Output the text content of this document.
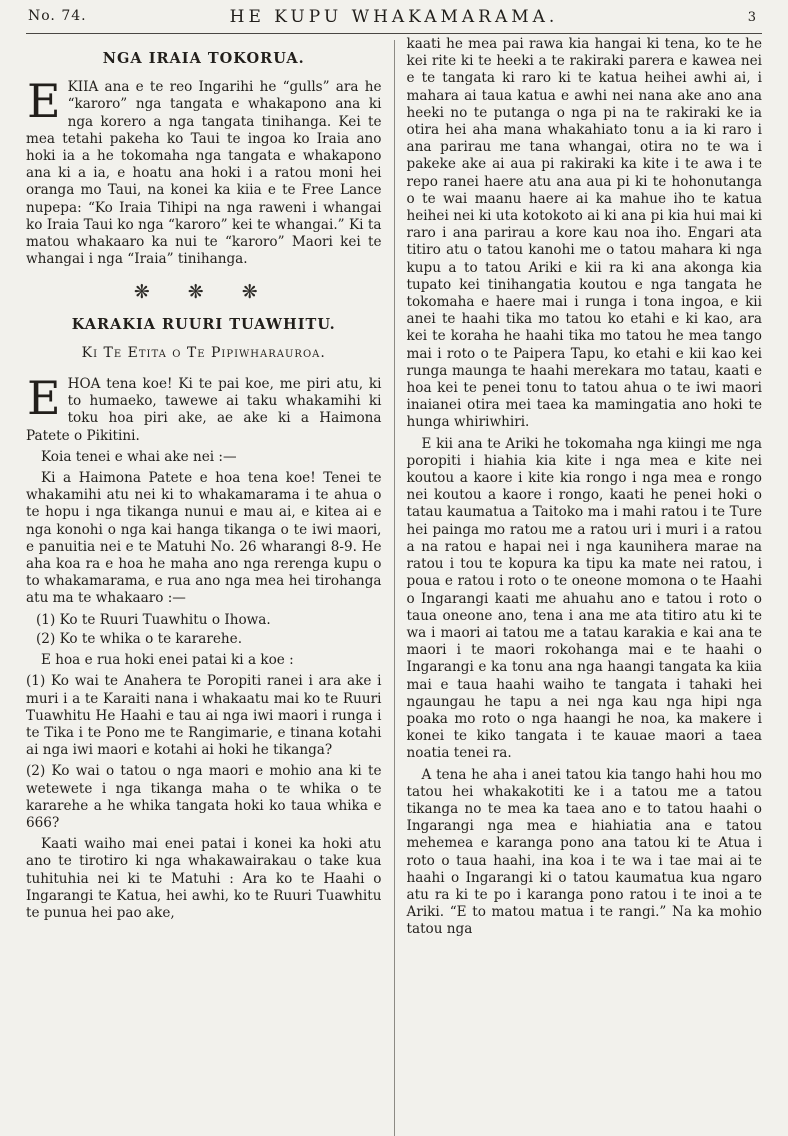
No. 74.	HE KUPU WHAKAMARAMA.	3
NGA IRAIA TOKORUA.

EKIIA ana e te reo Ingarihi he “gulls” ara he “karoro” nga tangata e whakapono ana ki nga korero a nga tangata tinihanga. Kei te mea tetahi pakeha ko Taui te ingoa ko Iraia ano hoki ia a he tokomaha nga tangata e whakapono ana ki a ia, e hoatu ana hoki i a ratou moni hei oranga mo Taui, na konei ka kiia e te Free Lance nupepa: “Ko Iraia Tihipi na nga raweni i whangai ko Iraia Taui ko nga “karoro” kei te whangai.” Ki ta matou whakaaro ka nui te “karoro” Maori kei te whangai i nga “Iraia” tinihanga.

❋ ❋ ❋
KARAKIA RUURI TUAWHITU.

Ki Te Etita o Te Pipiwharauroa.

EHOA tena koe! Ki te pai koe, me piri atu, ki to humaeko, tawewe ai taku whakamihi ki toku hoa piri ake, ae ake ki a Haimona Patete o Pikitini.

Koia tenei e whai ake nei :—

Ki a Haimona Patete e hoa tena koe! Tenei te whakamihi atu nei ki to whakamarama i te ahua o te hopu i nga tikanga nunui e mau ai, e kitea ai e nga konohi o nga kai hanga tikanga o te iwi maori, e panuitia nei e te Matuhi No. 26 wharangi 8-9. He aha koa ra e hoa he maha ano nga rerenga kupu o to whakamarama, e rua ano nga mea hei tirohanga atu ma te whakaaro :—

(1) Ko te Ruuri Tuawhitu o Ihowa.

(2) Ko te whika o te kararehe.

E hoa e rua hoki enei patai ki a koe :

(1) Ko wai te Anahera te Poropiti ranei i ara ake i muri i a te Karaiti nana i whakaatu mai ko te Ruuri Tuawhitu He Haahi e tau ai nga iwi maori i runga i te Tika i te Pono me te Rangimarie, e tinana kotahi ai nga iwi maori e kotahi ai hoki he tikanga?

(2) Ko wai o tatou o nga maori e mohio ana ki te wetewete i nga tikanga maha o te whika o te kararehe a he whika tangata hoki ko taua whika e 666?

Kaati waiho mai enei patai i konei ka hoki atu ano te tirotiro ki nga whakawairakau o take kua tuhituhia nei ki te Matuhi : Ara ko te Haahi o Ingarangi te Katua, hei awhi, ko te Ruuri Tuawhitu te punua hei pao ake,

kaati he mea pai rawa kia hangai ki tena, ko te he kei rite ki te heeki a te rakiraki parera e kawea nei e te tangata ki raro ki te katua heihei awhi ai, i mahara ai taua katua e awhi nei nana ake ano ana heeki no te putanga o nga pi na te rakiraki ke ia otira hei aha mana whakahiato tonu a ia ki raro i ana parirau me tana whangai, otira no te wa i pakeke ake ai aua pi rakiraki ka kite i te awa i te repo ranei haere atu ana aua pi ki te hohonutanga o te wai maanu haere ai ka mahue iho te katua heihei nei ki uta kotokoto ai ki ana pi kia hui mai ki raro i ana parirau a kore kau noa iho. Engari ata titiro atu o tatou kanohi me o tatou mahara ki nga kupu a to tatou Ariki e kii ra ki ana akonga kia tupato kei tinihangatia koutou e nga tangata he tokomaha e haere mai i runga i tona ingoa, e kii anei te haahi tika mo tatou ko etahi e ki kao, ara kei te koraha he haahi tika mo tatou he mea tango mai i roto o te Paipera Tapu, ko etahi e kii kao kei runga maunga te haahi merekara mo tatau, kaati e hoa kei te penei tonu to tatou ahua o te iwi maori inaianei otira mei taea ka mamingatia ano hoki te hunga whiriwhiri.

E kii ana te Ariki he tokomaha nga kiingi me nga poropiti i hiahia kia kite i nga mea e kite nei koutou a kaore i kite kia rongo i nga mea e rongo nei koutou a kaore i rongo, kaati he penei hoki o tatau kaumatua a Taitoko ma i mahi ratou i te Ture hei painga mo ratou me a ratou uri i muri i a ratou a na ratou e hapai nei i nga kaunihera marae na ratou i tou te kopura ka tipu ka mate nei ratou, i poua e ratou i roto o te oneone momona o te Haahi o Ingarangi kaati me ahuahu ano e tatou i roto o taua oneone ano, tena i ana me ata titiro atu ki te wa i maori ai tatou me a tatau karakia e kai ana te maori i te maori rokohanga mai e te haahi o Ingarangi e ka tonu ana nga haangi tangata ka kiia mai e taua haahi waiho te tangata i tahaki hei ngaungau he tapu a nei nga kau nga hipi nga poaka mo roto o nga haangi he noa, ka makere i konei te kiko tangata i te kauae maori a taea noatia tenei ra.

A tena he aha i anei tatou kia tango hahi hou mo tatou hei whakakotiti ke i a tatou me a tatou tikanga no te mea ka taea ano e to tatou haahi o Ingarangi nga mea e hiahiatia ana e tatou mehemea e karanga pono ana tatou ki te Atua i roto o taua haahi, ina koa i te wa i tae mai ai te haahi o Ingarangi ki o tatou kaumatua kua ngaro atu ra ki te po i karanga pono ratou i te inoi a te Ariki. “E to matou matua i te rangi.” Na ka mohio tatou nga
